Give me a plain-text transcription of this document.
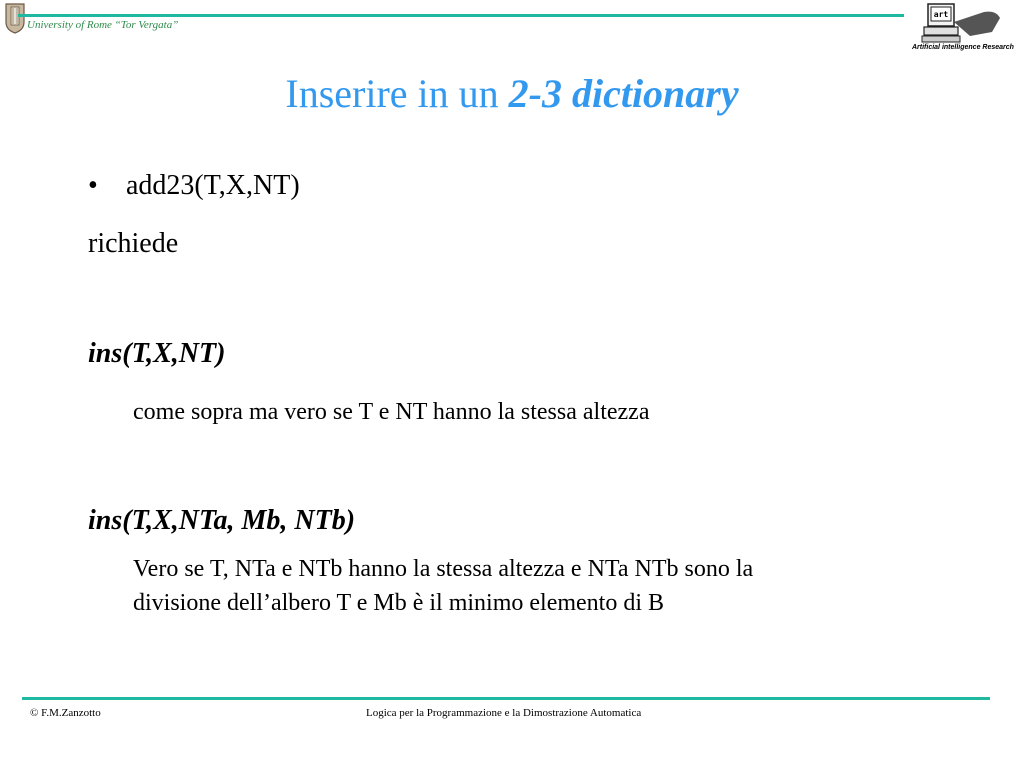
University of Rome “Tor Vergata”
art
Artificial intelligence Research
Inserire in un 2-3 dictionary
• add23(T,X,NT)
richiede
ins(T,X,NT)
come sopra ma vero se T e NT hanno la stessa altezza
ins(T,X,NTa, Mb, NTb)
Vero se T, NTa e NTb hanno la stessa altezza e NTa NTb sono la
divisione dell’albero T e Mb è il minimo elemento di B
© F.M.Zanzotto	Logica per la Programmazione e la Dimostrazione Automatica
